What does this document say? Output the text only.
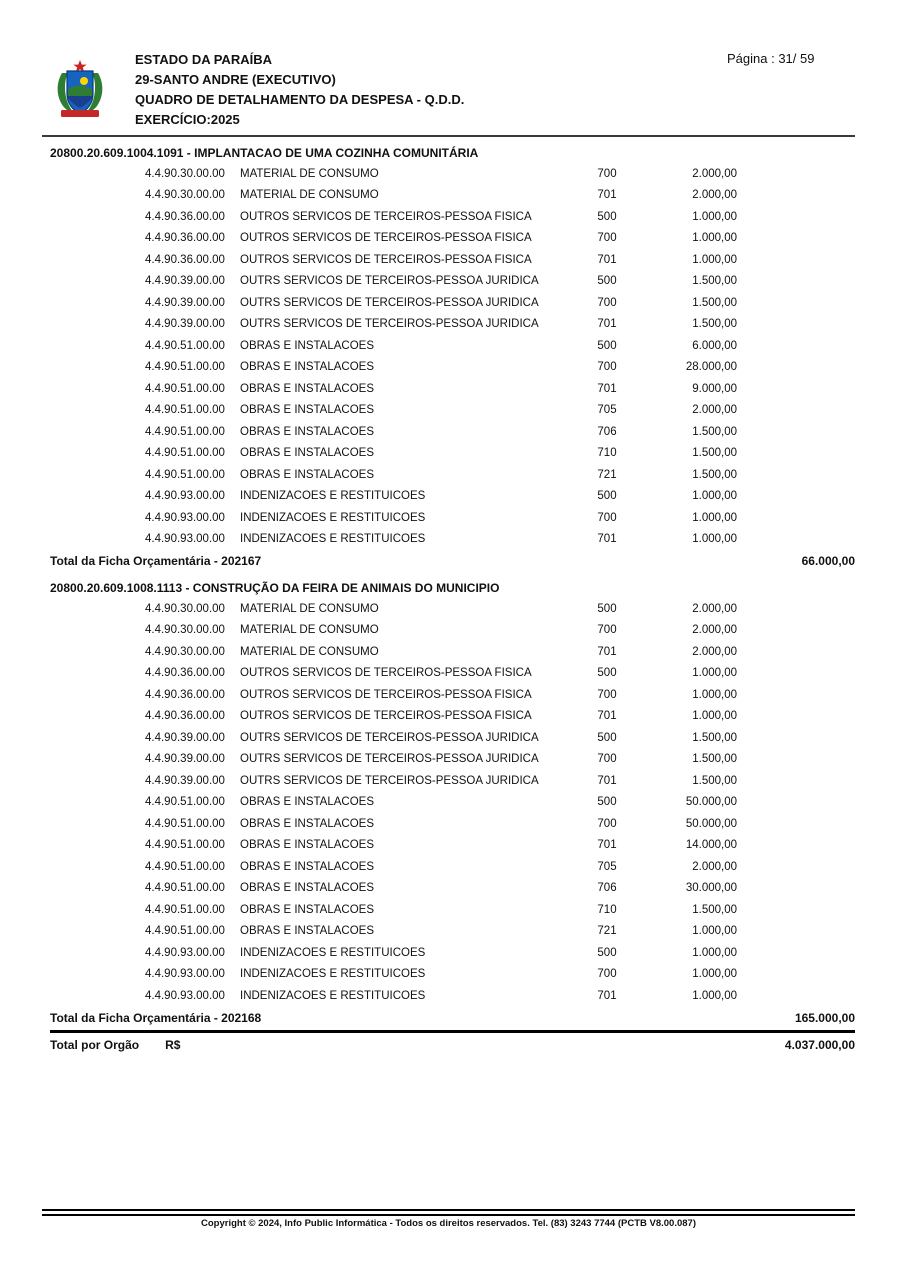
ESTADO DA PARAÍBA
29-SANTO ANDRE (EXECUTIVO)
QUADRO DE DETALHAMENTO DA DESPESA - Q.D.D.
EXERCÍCIO:2025
Página : 31/ 59
20800.20.609.1004.1091 - IMPLANTACAO DE UMA COZINHA COMUNITÁRIA
4.4.90.30.00.00	MATERIAL DE CONSUMO	700	2.000,00
4.4.90.30.00.00	MATERIAL DE CONSUMO	701	2.000,00
4.4.90.36.00.00	OUTROS SERVICOS DE TERCEIROS-PESSOA FISICA	500	1.000,00
4.4.90.36.00.00	OUTROS SERVICOS DE TERCEIROS-PESSOA FISICA	700	1.000,00
4.4.90.36.00.00	OUTROS SERVICOS DE TERCEIROS-PESSOA FISICA	701	1.000,00
4.4.90.39.00.00	OUTRS SERVICOS DE TERCEIROS-PESSOA JURIDICA	500	1.500,00
4.4.90.39.00.00	OUTRS SERVICOS DE TERCEIROS-PESSOA JURIDICA	700	1.500,00
4.4.90.39.00.00	OUTRS SERVICOS DE TERCEIROS-PESSOA JURIDICA	701	1.500,00
4.4.90.51.00.00	OBRAS E INSTALACOES	500	6.000,00
4.4.90.51.00.00	OBRAS E INSTALACOES	700	28.000,00
4.4.90.51.00.00	OBRAS E INSTALACOES	701	9.000,00
4.4.90.51.00.00	OBRAS E INSTALACOES	705	2.000,00
4.4.90.51.00.00	OBRAS E INSTALACOES	706	1.500,00
4.4.90.51.00.00	OBRAS E INSTALACOES	710	1.500,00
4.4.90.51.00.00	OBRAS E INSTALACOES	721	1.500,00
4.4.90.93.00.00	INDENIZACOES E RESTITUICOES	500	1.000,00
4.4.90.93.00.00	INDENIZACOES E RESTITUICOES	700	1.000,00
4.4.90.93.00.00	INDENIZACOES E RESTITUICOES	701	1.000,00
Total da Ficha Orçamentária - 202167	66.000,00
20800.20.609.1008.1113 - CONSTRUÇÃO DA FEIRA DE ANIMAIS DO MUNICIPIO
4.4.90.30.00.00	MATERIAL DE CONSUMO	500	2.000,00
4.4.90.30.00.00	MATERIAL DE CONSUMO	700	2.000,00
4.4.90.30.00.00	MATERIAL DE CONSUMO	701	2.000,00
4.4.90.36.00.00	OUTROS SERVICOS DE TERCEIROS-PESSOA FISICA	500	1.000,00
4.4.90.36.00.00	OUTROS SERVICOS DE TERCEIROS-PESSOA FISICA	700	1.000,00
4.4.90.36.00.00	OUTROS SERVICOS DE TERCEIROS-PESSOA FISICA	701	1.000,00
4.4.90.39.00.00	OUTRS SERVICOS DE TERCEIROS-PESSOA JURIDICA	500	1.500,00
4.4.90.39.00.00	OUTRS SERVICOS DE TERCEIROS-PESSOA JURIDICA	700	1.500,00
4.4.90.39.00.00	OUTRS SERVICOS DE TERCEIROS-PESSOA JURIDICA	701	1.500,00
4.4.90.51.00.00	OBRAS E INSTALACOES	500	50.000,00
4.4.90.51.00.00	OBRAS E INSTALACOES	700	50.000,00
4.4.90.51.00.00	OBRAS E INSTALACOES	701	14.000,00
4.4.90.51.00.00	OBRAS E INSTALACOES	705	2.000,00
4.4.90.51.00.00	OBRAS E INSTALACOES	706	30.000,00
4.4.90.51.00.00	OBRAS E INSTALACOES	710	1.500,00
4.4.90.51.00.00	OBRAS E INSTALACOES	721	1.000,00
4.4.90.93.00.00	INDENIZACOES E RESTITUICOES	500	1.000,00
4.4.90.93.00.00	INDENIZACOES E RESTITUICOES	700	1.000,00
4.4.90.93.00.00	INDENIZACOES E RESTITUICOES	701	1.000,00
Total da Ficha Orçamentária - 202168	165.000,00
Total por Orgão R$	4.037.000,00
Copyright © 2024, Info Public Informática - Todos os direitos reservados. Tel. (83) 3243 7744 (PCTB V8.00.087)
